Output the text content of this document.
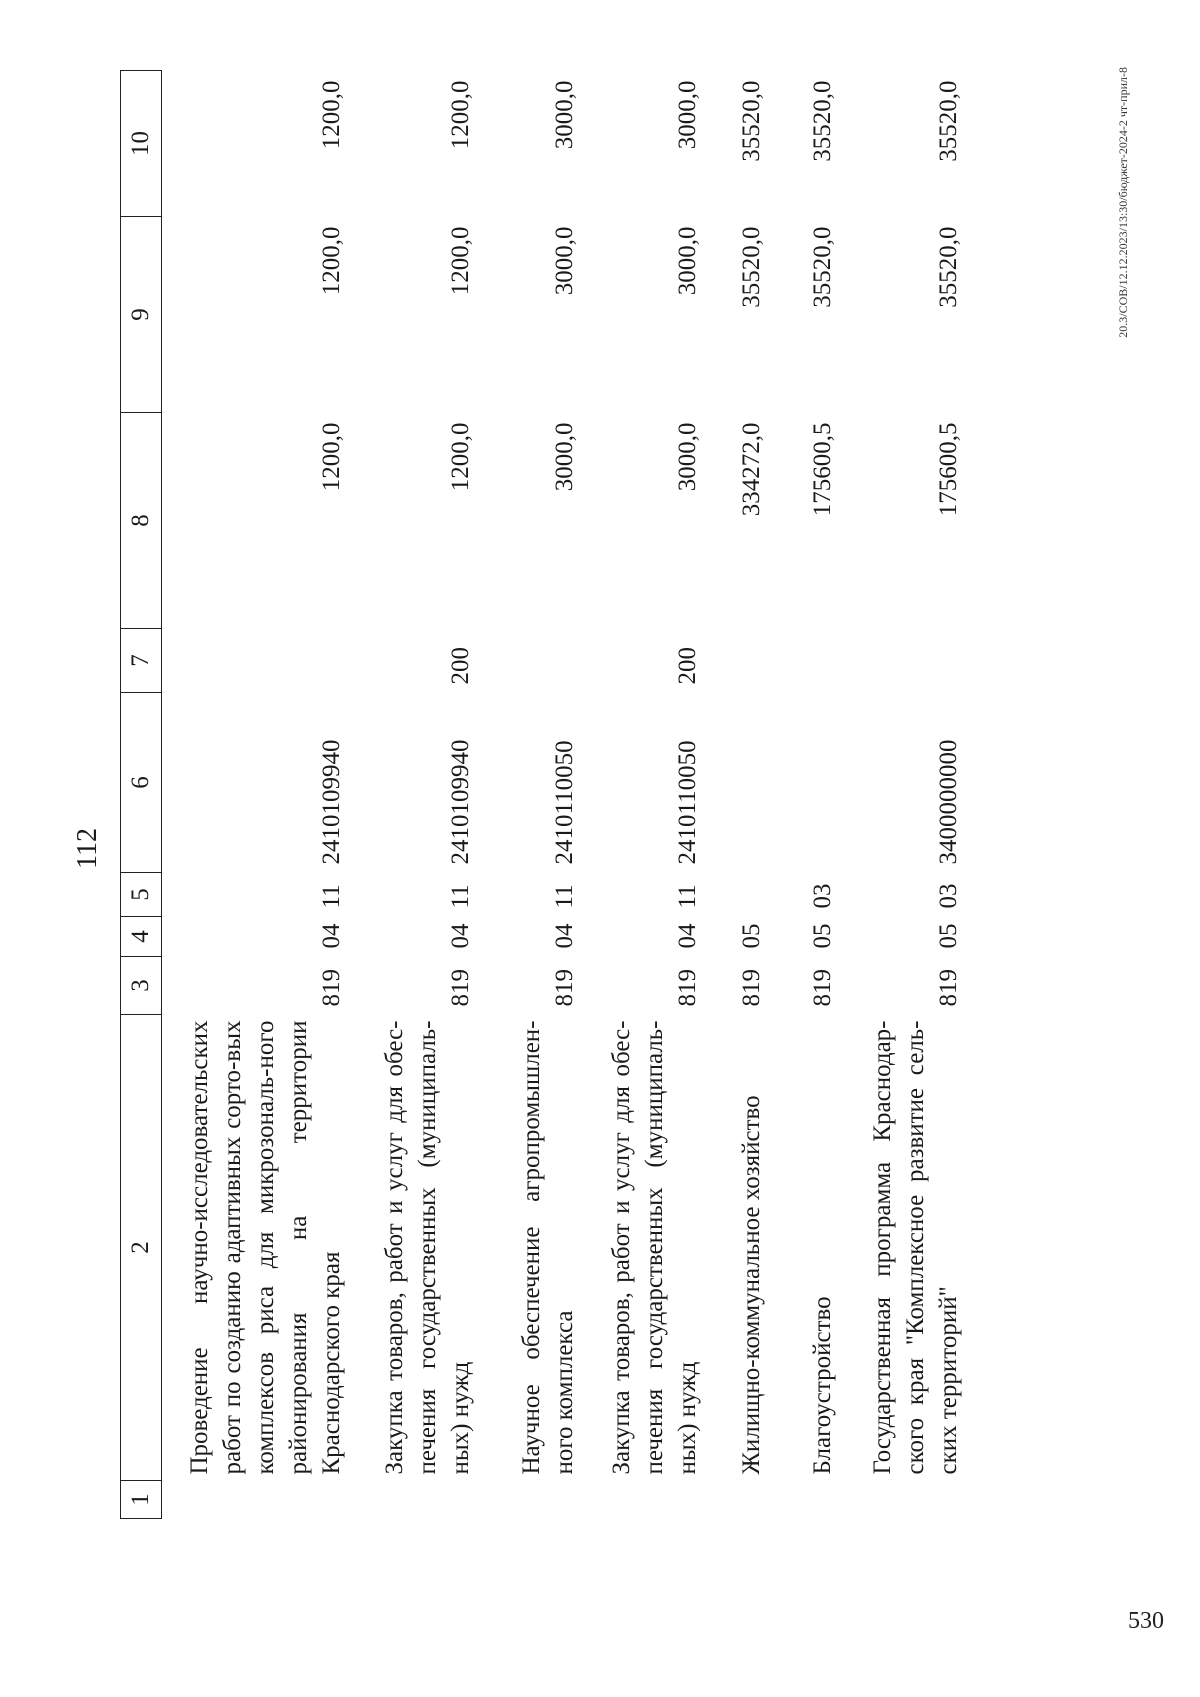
112
1	2	3	4	5	6	7	8	9	10
	Проведение научно-исследовательских работ по созданию адаптивных сорто-вых комплексов риса для микрозональ-ного районирования на территории Краснодарского края	819	04	11	2410109940		1200,0	1200,0	1200,0
	Закупка товаров, работ и услуг для обес-печения государственных (муниципаль-ных) нужд	819	04	11	2410109940	200	1200,0	1200,0	1200,0
	Научное обеспечение агропромышлен-ного комплекса	819	04	11	2410110050		3000,0	3000,0	3000,0
	Закупка товаров, работ и услуг для обес-печения государственных (муниципаль-ных) нужд	819	04	11	2410110050	200	3000,0	3000,0	3000,0
	Жилищно-коммунальное хозяйство	819	05				334272,0	35520,0	35520,0
	Благоустройство	819	05	03			175600,5	35520,0	35520,0
	Государственная программа Краснодар-ского края "Комплексное развитие сель-ских территорий"	819	05	03	3400000000		175600,5	35520,0	35520,0	20.3/СОВ/12.12.2023/13:30/бюджет-2024-2 чт-прил-8
530
